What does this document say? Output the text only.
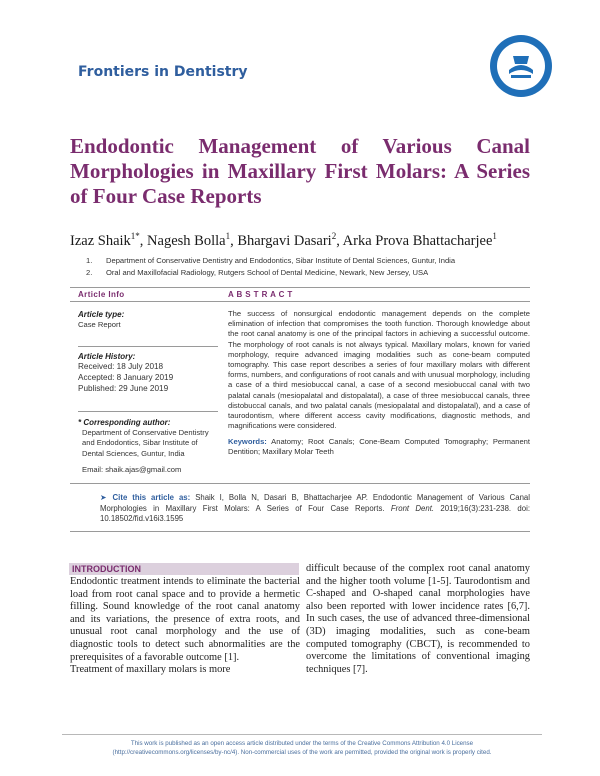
Frontiers in Dentistry
Endodontic Management of Various Canal Morphologies in Maxillary First Molars: A Series of Four Case Reports
Izaz Shaik$^{1*}$, Nagesh Bolla$^1$, Bhargavi Dasari$^2$, Arka Prova Bhattacharjee$^1$
1. Department of Conservative Dentistry and Endodontics, Sibar Institute of Dental Sciences, Guntur, India
2. Oral and Maxillofacial Radiology, Rutgers School of Dental Medicine, Newark, New Jersey, USA
Article Info	A B S T R A C T
Article type:
Case Report
Article History:
Received: 18 July 2018
Accepted: 8 January 2019
Published: 29 June 2019
* Corresponding author:
Department of Conservative Dentistry and Endodontics, Sibar Institute of Dental Sciences, Guntur, India
Email: shaik.ajas@gmail.com

The success of nonsurgical endodontic management depends on the complete elimination of infection that compromises the tooth function. Thorough knowledge about the root canal anatomy is one of the principal factors in achieving a successful outcome. The morphology of root canals is not always typical. Maxillary molars, known for varied morphology, require advanced imaging modalities such as cone-beam computed tomography. This case report describes a series of four maxillary molars with different forms, numbers, and configurations of root canals and with unusual morphology, including a case of a third mesiobuccal canal, a case of a second mesiobuccal canal with two palatal canals (mesiopalatal and distopalatal), a case of three mesiobuccal canals, three distobuccal canals, and two palatal canals (mesiopalatal and distopalatal), and a case of taurodontism, where different access cavity modifications, diagnostic methods, and magnifications were considered.

Keywords: Anatomy; Root Canals; Cone-Beam Computed Tomography; Permanent Dentition; Maxillary Molar Teeth
➤ Cite this article as: Shaik I, Bolla N, Dasari B, Bhattacharjee AP. Endodontic Management of Various Canal Morphologies in Maxillary First Molars: A Series of Four Case Reports. Front Dent. 2019;16(3):231-238. doi: 10.18502/fid.v16i3.1595
INTRODUCTION

Endodontic treatment intends to eliminate the bacterial load from root canal space and to provide a hermetic filling. Sound knowledge of the root canal anatomy and its variations, the presence of extra roots, and unusual root canal morphology and the use of diagnostic tools to detect such abnormalities are the prerequisites of a favorable outcome [1].
Treatment of maxillary molars is more

difficult because of the complex root canal anatomy and the higher tooth volume [1-5]. Taurodontism and C-shaped and O-shaped canal morphologies have also been reported with lower incidence rates [6,7]. In such cases, the use of advanced three-dimensional (3D) imaging modalities, such as cone-beam computed tomography (CBCT), is recommended to overcome the limitations of conventional imaging techniques [7].

This work is published as an open access article distributed under the terms of the Creative Commons Attribution 4.0 License
(http://creativecommons.org/licenses/by-nc/4). Non-commercial uses of the work are permitted, provided the original work is properly cited.
